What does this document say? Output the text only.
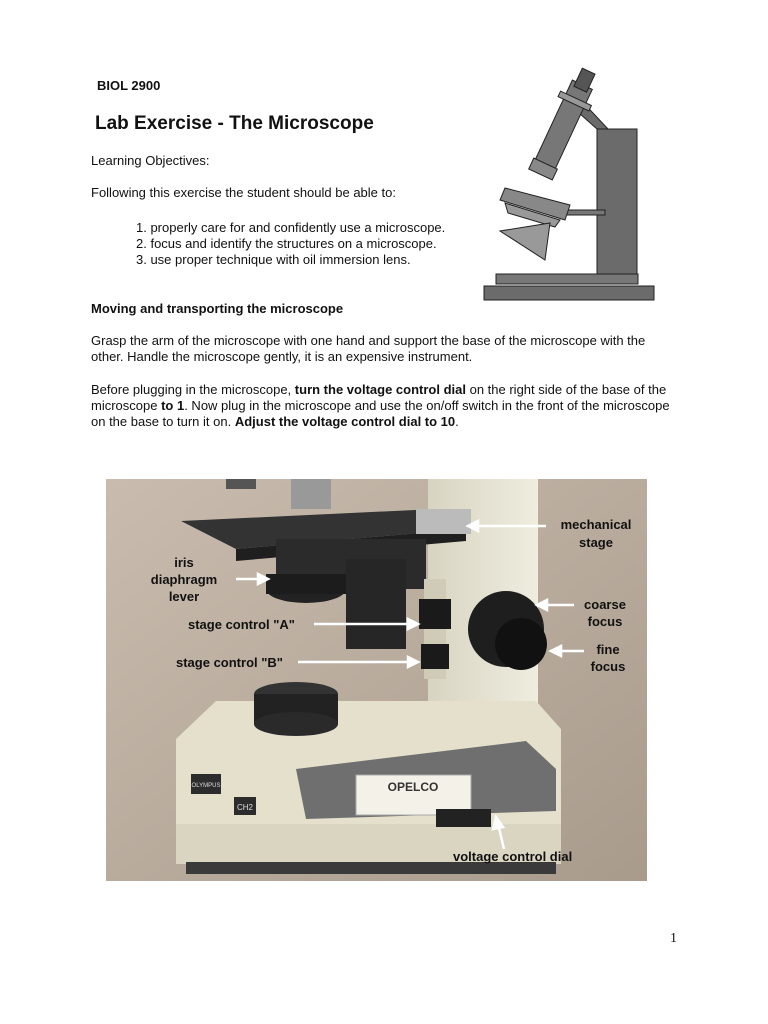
BIOL 2900
Lab Exercise - The Microscope

Learning Objectives:

Following this exercise the student should be able to:

1. properly care for and confidently use a microscope.
2. focus and identify the structures on a microscope.
3. use proper technique with oil immersion lens.

Moving and transporting the microscope

Grasp the arm of the microscope with one hand and support the base of the microscope with the other. Handle the microscope gently, it is an expensive instrument.

Before plugging in the microscope, turn the voltage control dial on the right side of the base of the microscope to 1. Now plug in the microscope and use the on/off switch in the front of the microscope on the base to turn it on. Adjust the voltage control dial to 10.

OPELCO
OLYMPUS
CH2
mechanical
stage
iris
diaphragm
lever
stage control "A"
stage control "B"
coarse
focus
fine
focus
voltage control dial
1
